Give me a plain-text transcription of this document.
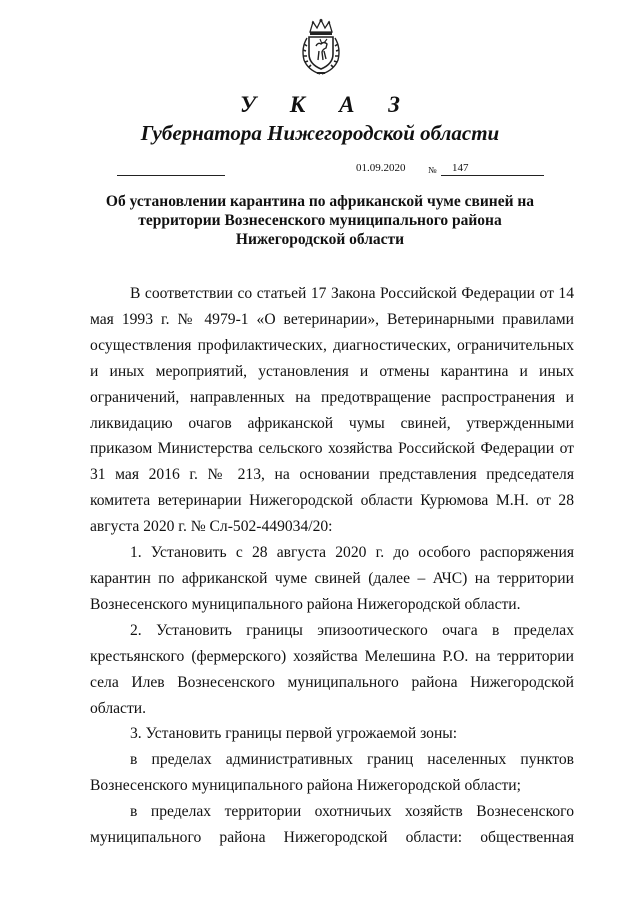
У К А З
Губернатора Нижегородской области
01.09.2020	№ 147
Об установлении карантина по африканской чуме свиней на
территории Вознесенского муниципального района
Нижегородской области

В соответствии со статьей 17 Закона Российской Федерации от 14 мая 1993 г. № 4979-1 «О ветеринарии», Ветеринарными правилами осуществления профилактических, диагностических, ограничительных и иных мероприятий, установления и отмены карантина и иных ограничений, направленных на предотвращение распространения и ликвидацию очагов африканской чумы свиней, утвержденными приказом Министерства сельского хозяйства Российской Федерации от 31 мая 2016 г. № 213, на основании представления председателя комитета ветеринарии Нижегородской области Курюмова М.Н. от 28 августа 2020 г. № Сл-502-449034/20:

1. Установить с 28 августа 2020 г. до особого распоряжения карантин по африканской чуме свиней (далее – АЧС) на территории Вознесенского муниципального района Нижегородской области.

2. Установить границы эпизоотического очага в пределах крестьянского (фермерского) хозяйства Мелешина Р.О. на территории села Илев Вознесенского муниципального района Нижегородской области.

3. Установить границы первой угрожаемой зоны:

в пределах административных границ населенных пунктов Вознесенского муниципального района Нижегородской области;

в пределах территории охотничьих хозяйств Вознесенского муниципального района Нижегородской области: общественная
